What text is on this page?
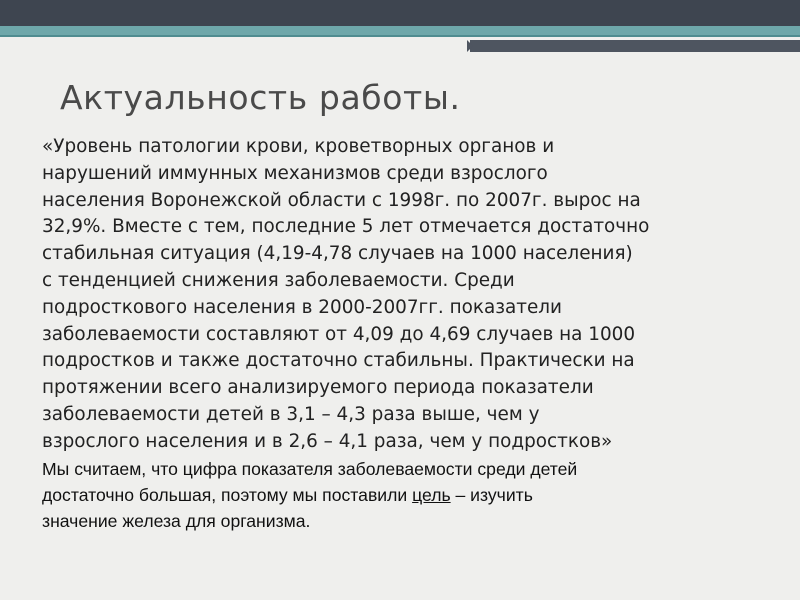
Актуальность работы.

«Уровень патологии крови, кроветворных органов и
нарушений иммунных механизмов среди взрослого
населения Воронежской области с 1998г. по 2007г. вырос на
32,9%. Вместе с тем, последние 5 лет отмечается достаточно
стабильная ситуация (4,19-4,78 случаев на 1000 населения)
с тенденцией снижения заболеваемости. Среди
подросткового населения в 2000-2007гг. показатели
заболеваемости составляют от 4,09 до 4,69 случаев на 1000
подростков и также достаточно стабильны. Практически на
протяжении всего анализируемого периода показатели
заболеваемости детей в 3,1 – 4,3 раза выше, чем у
взрослого населения и в 2,6 – 4,1 раза, чем у подростков»

Мы считаем, что цифра показателя заболеваемости среди детей
достаточно большая, поэтому мы поставили цель – изучить
значение железа для организма.
